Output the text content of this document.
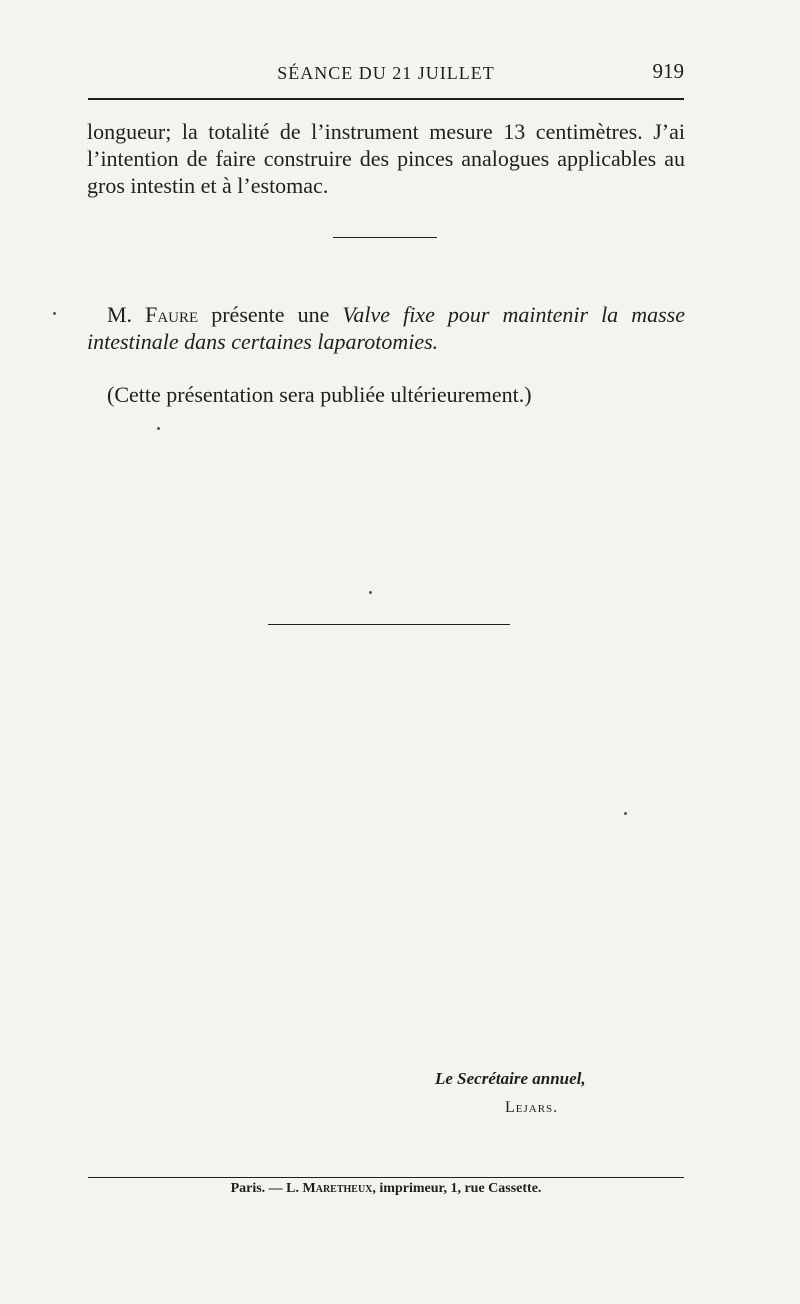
SÉANCE DU 21 JUILLET	919
longueur; la totalité de l’instrument mesure 13 centimètres. J’ai l’intention de faire construire des pinces analogues applicables au gros intestin et à l’estomac.
M. Faure présente une Valve fixe pour maintenir la masse intestinale dans certaines laparotomies.
(Cette présentation sera publiée ultérieurement.)
Le Secrétaire annuel,
Lejars.
Paris. — L. Maretheux, imprimeur, 1, rue Cassette.
